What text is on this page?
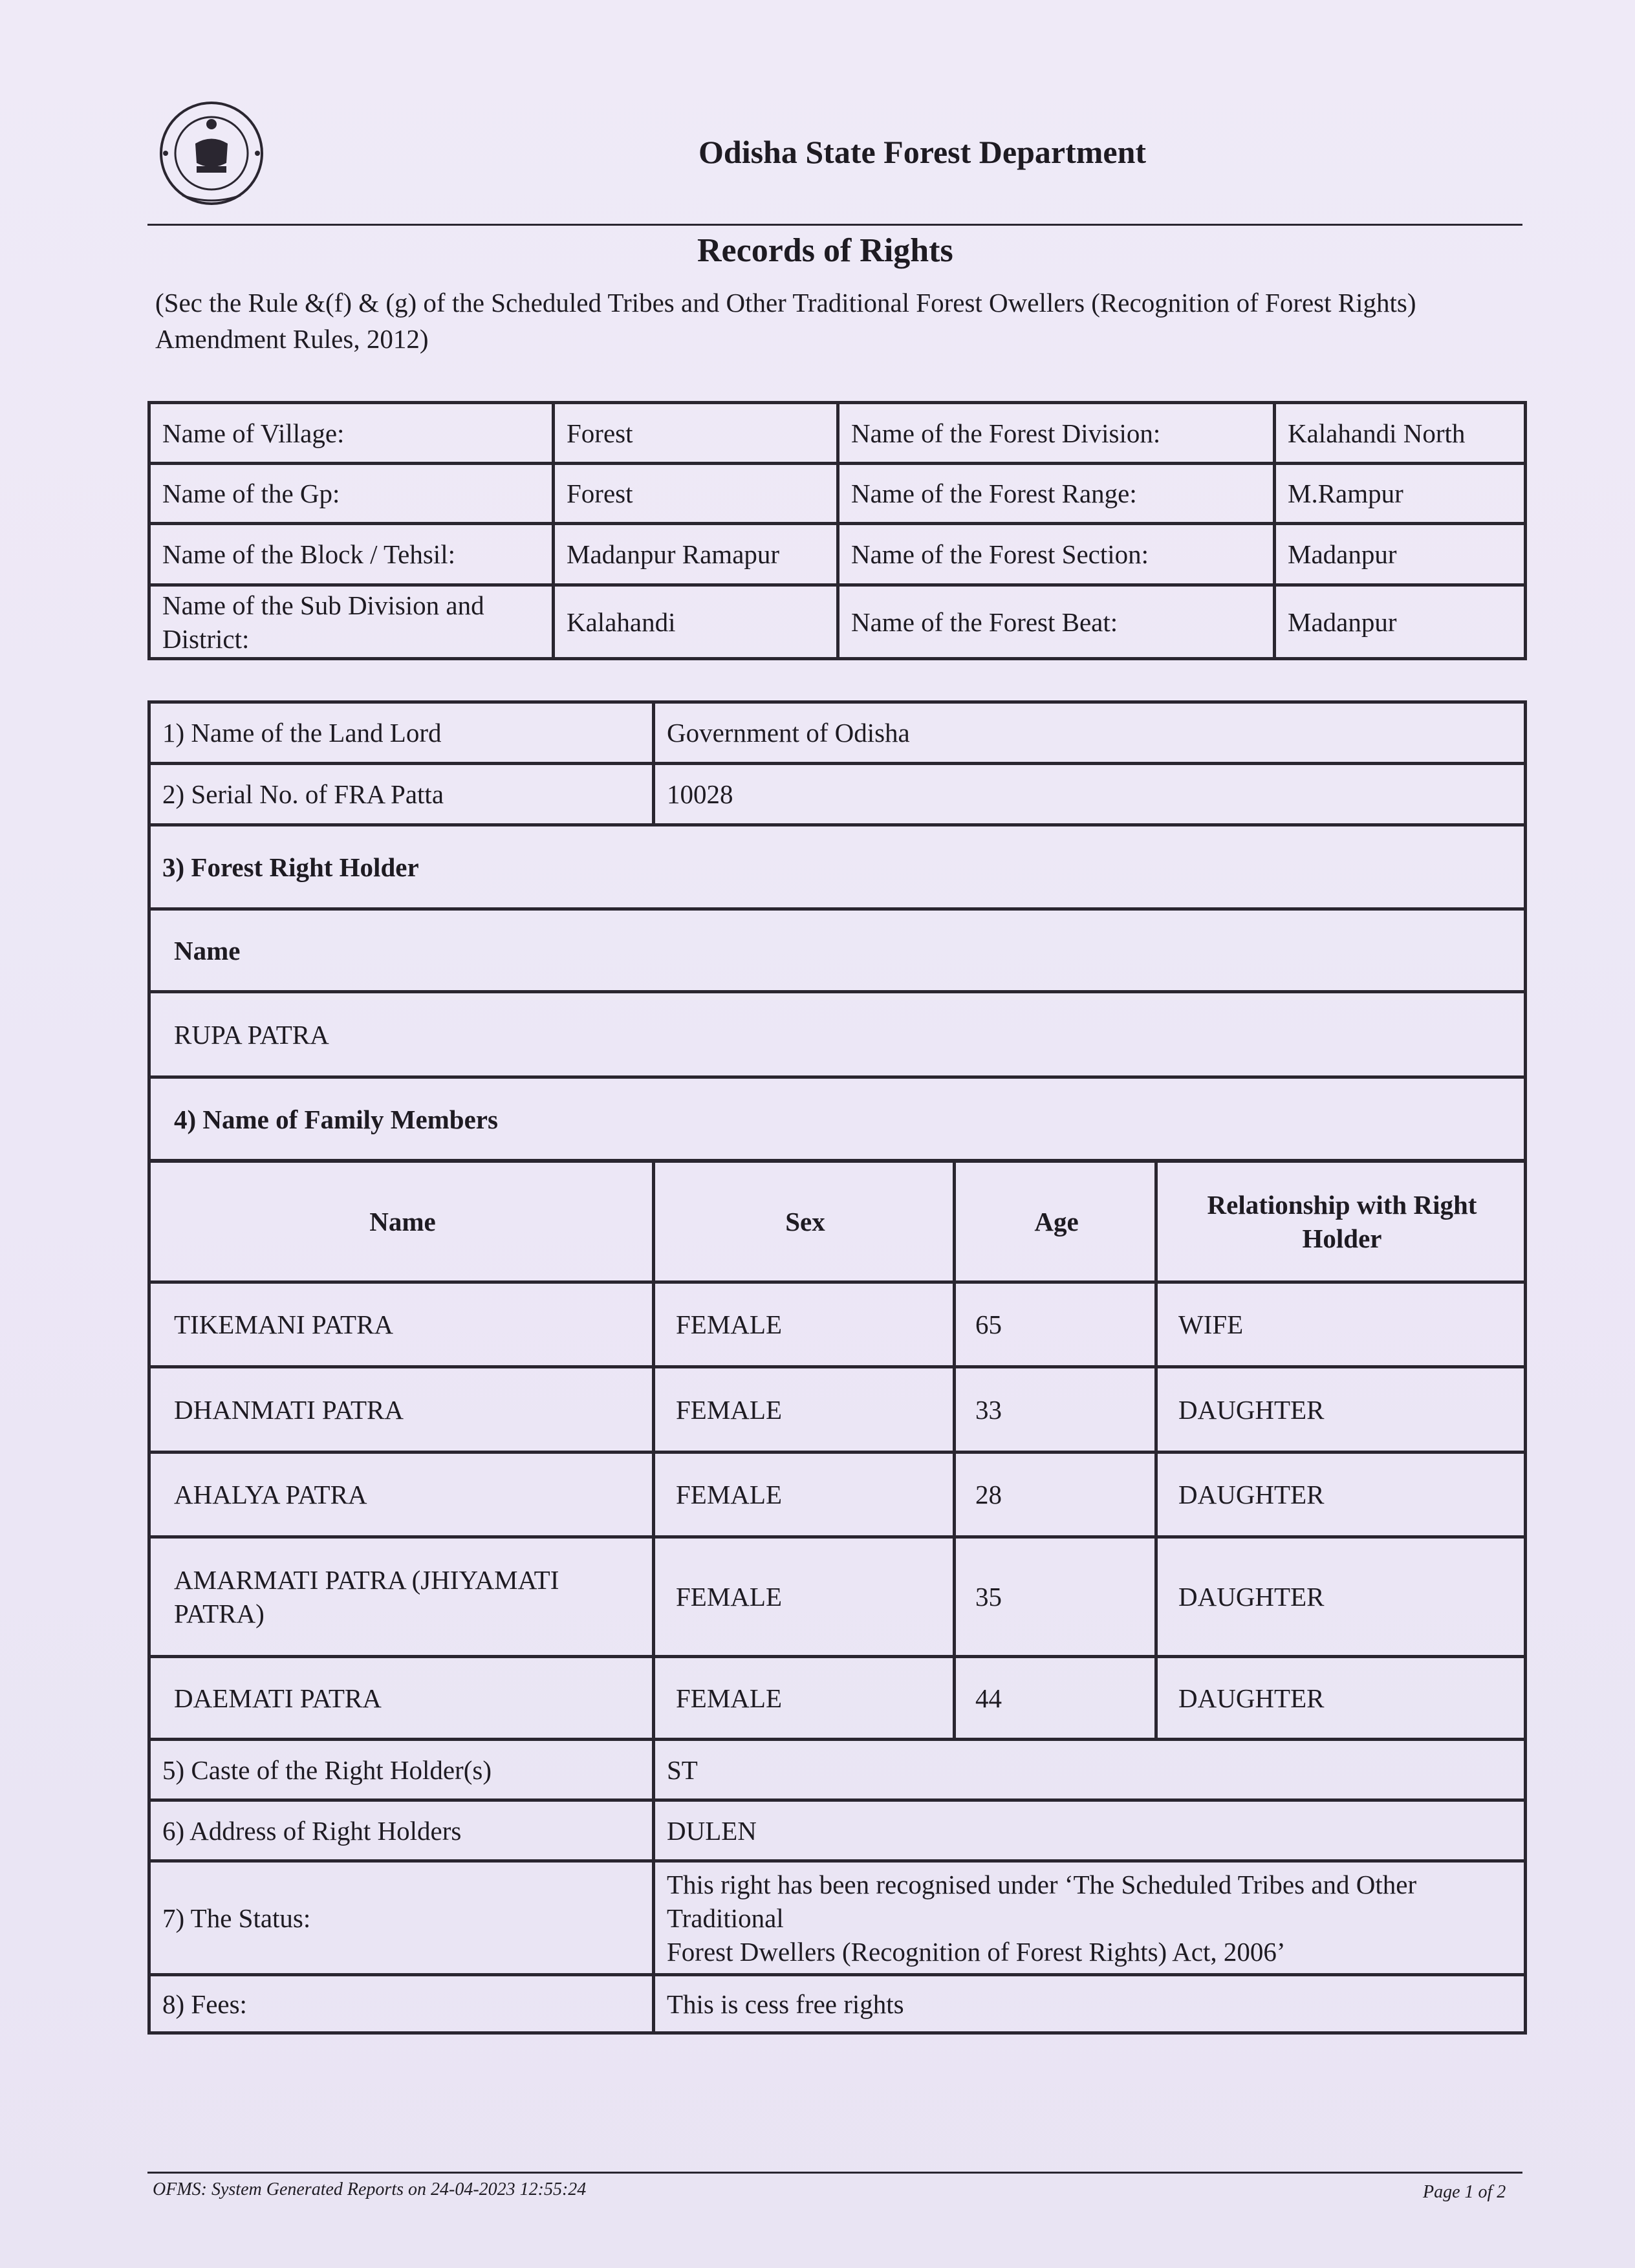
Odisha State Forest Department
Records of Rights
(Sec the Rule &(f) & (g) of the Scheduled Tribes and Other Traditional Forest Owellers (Recognition of Forest Rights) Amendment Rules, 2012)
Name of Village:	Forest	Name of the Forest Division:	Kalahandi North
Name of the Gp:	Forest	Name of the Forest Range:	M.Rampur
Name of the Block / Tehsil:	Madanpur Ramapur	Name of the Forest Section:	Madanpur
Name of the Sub Division and District:	Kalahandi	Name of the Forest Beat:	Madanpur
1) Name of the Land Lord	Government of Odisha
2) Serial No. of FRA Patta	10028
3) Forest Right Holder	
Name	
RUPA PATRA	
4) Name of Family Members	
Name	Sex	Age	Relationship with Right Holder
TIKEMANI PATRA	FEMALE	65	WIFE
DHANMATI PATRA	FEMALE	33	DAUGHTER
AHALYA PATRA	FEMALE	28	DAUGHTER
AMARMATI PATRA (JHIYAMATI PATRA)	FEMALE	35	DAUGHTER
DAEMATI PATRA	FEMALE	44	DAUGHTER
5) Caste of the Right Holder(s)	ST
6) Address of Right Holders	DULEN
7) The Status:	This right has been recognised under ‘The Scheduled Tribes and Other Traditional
Forest Dwellers (Recognition of Forest Rights) Act, 2006’

8) Fees:	This is cess free rights
OFMS: System Generated Reports on 24-04-2023 12:55:24	Page 1 of 2
